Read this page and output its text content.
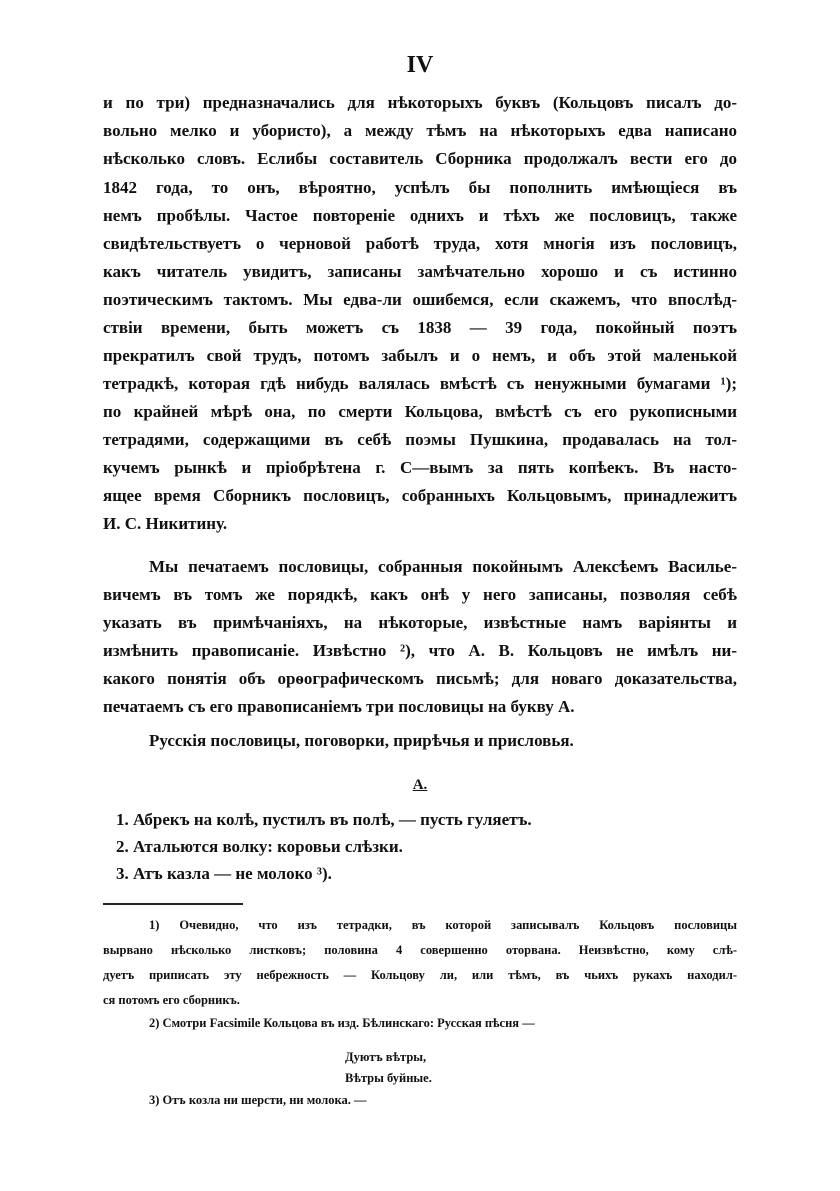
IV
и по три) предназначались для нѣкоторыхъ буквъ (Кольцовъ писалъ до-
вольно мелко и убористо), а между тѣмъ на нѣкоторыхъ едва написано
нѣсколько словъ. Еслибы составитель Сборника продолжалъ вести его до
1842 года, то онъ, вѣроятно, успѣлъ бы пополнить имѣющіеся въ
немъ пробѣлы. Частое повтореніе однихъ и тѣхъ же пословицъ, также
свидѣтельствуетъ о черновой работѣ труда, хотя многія изъ пословицъ,
какъ читатель увидитъ, записаны замѣчательно хорошо и съ истинно
поэтическимъ тактомъ. Мы едва-ли ошибемся, если скажемъ, что впослѣд-
ствіи времени, быть можетъ съ 1838 — 39 года, покойный поэтъ
прекратилъ свой трудъ, потомъ забылъ и о немъ, и объ этой маленькой
тетрадкѣ, которая гдѣ нибудь валялась вмѣстѣ съ ненужными бумагами ¹);
по крайней мѣрѣ она, по смерти Кольцова, вмѣстѣ съ его рукописными
тетрадями, содержащими въ себѣ поэмы Пушкина, продавалась на тол-
кучемъ рынкѣ и пріобрѣтена г. С—вымъ за пять копѣекъ. Въ насто-
ящее время Сборникъ пословицъ, собранныхъ Кольцовымъ, принадлежитъ
И. С. Никитину.
Мы печатаемъ пословицы, собранныя покойнымъ Алексѣемъ Василье-
вичемъ въ томъ же порядкѣ, какъ онѣ у него записаны, позволяя себѣ
указать въ примѣчаніяхъ, на нѣкоторые, извѣстные намъ варіянты и
измѣнить правописаніе. Извѣстно ²), что А. В. Кольцовъ не имѣлъ ни-
какого понятія объ орѳографическомъ письмѣ; для новаго доказательства,
печатаемъ съ его правописаніемъ три пословицы на букву А.
Русскія пословицы, поговорки, прирѣчья и присловья.
А.
1. Абрекъ на колѣ, пустилъ въ полѣ, — пусть гуляетъ.
2. Атальются волку: коровьи слѣзки.
3. Атъ казла — не молоко ³).
1) Очевидно, что изъ тетрадки, въ которой записывалъ Кольцовъ пословицы
вырвано нѣсколько листковъ; половина 4 совершенно оторвана. Неизвѣстно, кому слѣ-
дуетъ приписать эту небрежность — Кольцову ли, или тѣмъ, въ чьихъ рукахъ находил-
ся потомъ его сборникъ.
2) Смотри Facsimile Кольцова въ изд. Бѣлинскаго: Русская пѣсня —
Дуютъ вѣтры,
Вѣтры буйные.
3) Отъ козла ни шерсти, ни молока. —
